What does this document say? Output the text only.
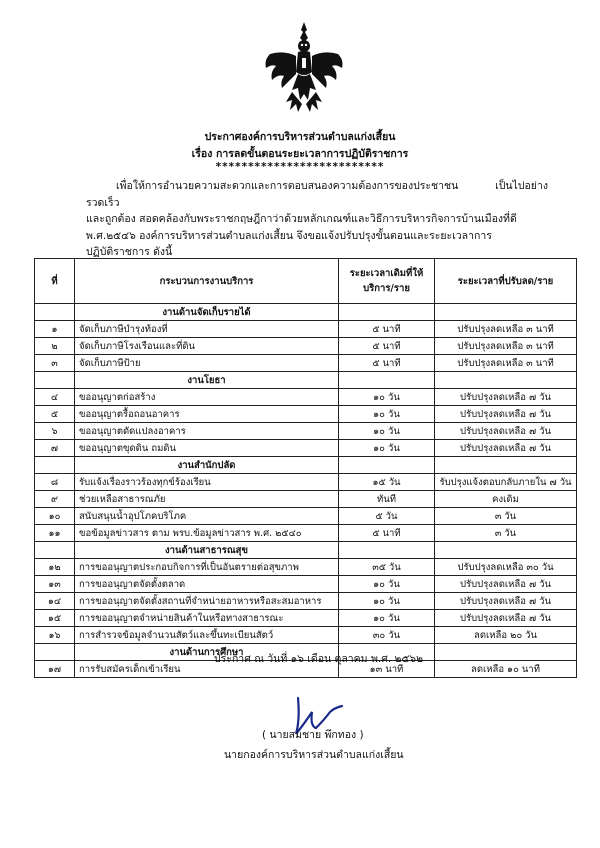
ประกาศองค์การบริหารส่วนตำบลแก่งเสี้ยน
เรื่อง การลดขั้นตอนระยะเวลาการปฏิบัติราชการ
**************************
เพื่อให้การอำนวยความสะดวกและการตอบสนองความต้องการของประชาชน เป็นไปอย่างรวดเร็ว
และถูกต้อง สอดคล้องกับพระราชกฤษฎีกาว่าด้วยหลักเกณฑ์และวิธีการบริหารกิจการบ้านเมืองที่ดี
พ.ศ.๒๕๔๖ องค์การบริหารส่วนตำบลแก่งเสี้ยน จึงขอแจ้งปรับปรุงขั้นตอนและระยะเวลาการ
ปฏิบัติราชการ ดังนี้
ที่	กระบวนการงานบริการ	ระยะเวลาเดิมที่ให้บริการ/ราย	ระยะเวลาที่ปรับลด/ราย
	งานด้านจัดเก็บรายได้		
๑	จัดเก็บภาษีบำรุงท้องที่	๕ นาที	ปรับปรุงลดเหลือ ๓ นาที
๒	จัดเก็บภาษีโรงเรือนและที่ดิน	๕ นาที	ปรับปรุงลดเหลือ ๓ นาที
๓	จัดเก็บภาษีป้าย	๕ นาที	ปรับปรุงลดเหลือ ๓ นาที
	งานโยธา		
๔	ขออนุญาตก่อสร้าง	๑๐ วัน	ปรับปรุงลดเหลือ ๗ วัน
๕	ขออนุญาตรื้อถอนอาคาร	๑๐ วัน	ปรับปรุงลดเหลือ ๗ วัน
๖	ขออนุญาตดัดแปลงอาคาร	๑๐ วัน	ปรับปรุงลดเหลือ ๗ วัน
๗	ขออนุญาตขุดดิน ถมดิน	๑๐ วัน	ปรับปรุงลดเหลือ ๗ วัน
	งานสำนักปลัด		
๘	รับแจ้งเรื่องราวร้องทุกข์ร้องเรียน	๑๕ วัน	รับปรุงแจ้งตอบกลับภายใน ๗ วัน
๙	ช่วยเหลือสาธารณภัย	ทันที	คงเดิม
๑๐	สนับสนุนน้ำอุปโภคบริโภค	๕ วัน	๓ วัน
๑๑	ขอข้อมูลข่าวสาร ตาม พรบ.ข้อมูลข่าวสาร พ.ศ. ๒๕๔๐	๕ นาที	๓ วัน
	งานด้านสาธารณสุข		
๑๒	การขออนุญาตประกอบกิจการที่เป็นอันตรายต่อสุขภาพ	๓๕ วัน	ปรับปรุงลดเหลือ ๓๐ วัน
๑๓	การขออนุญาตจัดตั้งตลาด	๑๐ วัน	ปรับปรุงลดเหลือ ๗ วัน
๑๔	การขออนุญาตจัดตั้งสถานที่จำหน่ายอาหารหรือสะสมอาหาร	๑๐ วัน	ปรับปรุงลดเหลือ ๗ วัน
๑๕	การขออนุญาตจำหน่ายสินค้าในหรือทางสาธารณะ	๑๐ วัน	ปรับปรุงลดเหลือ ๗ วัน
๑๖	การสำรวจข้อมูลจำนวนสัตว์และขึ้นทะเบียนสัตว์	๓๐ วัน	ลดเหลือ ๒๐ วัน
	งานด้านการศึกษา		
๑๗	การรับสมัครเด็กเข้าเรียน	๑๓ นาที	ลดเหลือ ๑๐ นาที
ประกาศ ณ วันที่ ๑๖ เดือน ตุลาคม พ.ศ. ๒๕๖๒
( นายสมชาย พึกทอง )
นายกองค์การบริหารส่วนตำบลแก่งเสี้ยน
